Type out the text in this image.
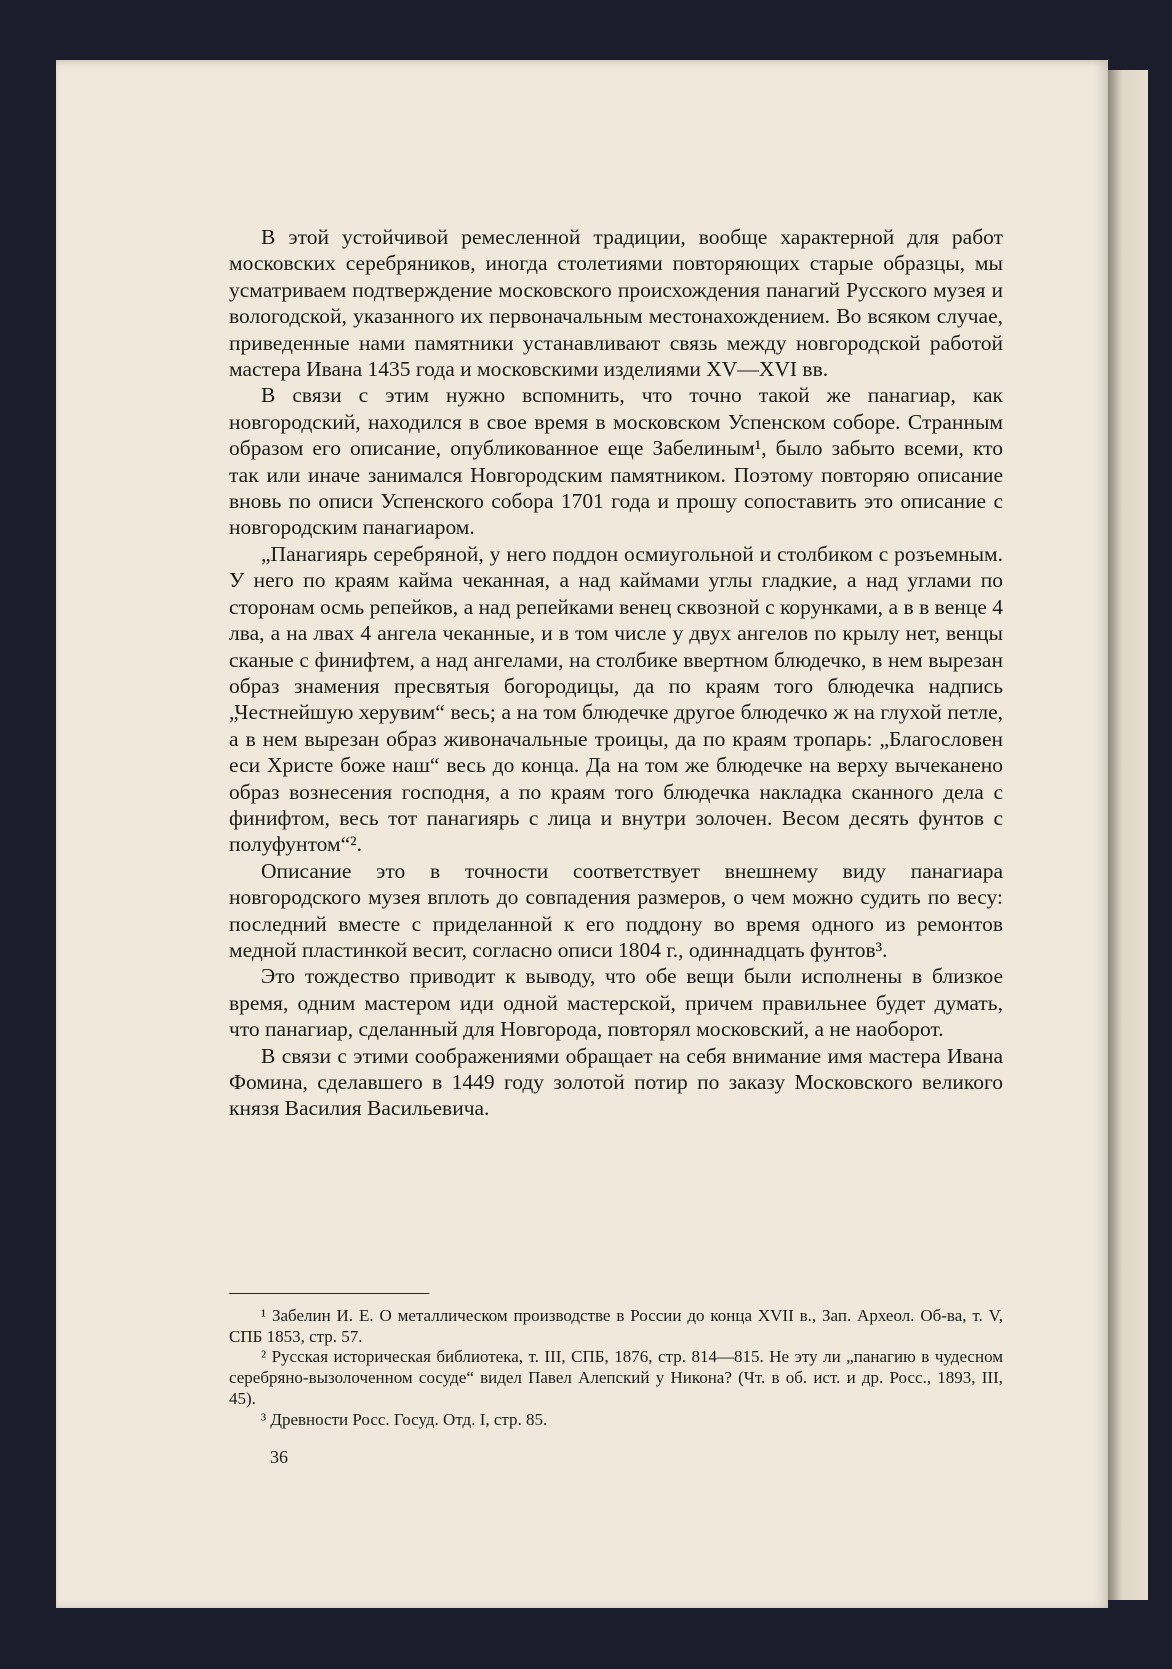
В этой устойчивой ремесленной традиции, вообще характерной для работ московских серебряников, иногда столетиями повторяющих старые образцы, мы усматриваем подтверждение московского происхождения панагий Русского музея и вологодской, указанного их первоначальным местонахождением. Во всяком случае, приведенные нами памятники устанавливают связь между новгородской работой мастера Ивана 1435 года и московскими изделиями XV—XVI вв.

В связи с этим нужно вспомнить, что точно такой же панагиар, как новгородский, находился в свое время в московском Успенском соборе. Странным образом его описание, опубликованное еще Забелиным¹, было забыто всеми, кто так или иначе занимался Новгородским памятником. Поэтому повторяю описание вновь по описи Успенского собора 1701 года и прошу сопоставить это описание с новгородским панагиаром.

„Панагиярь серебряной, у него поддон осмиугольной и столбиком с розъемным. У него по краям кайма чеканная, а над каймами углы гладкие, а над углами по сторонам осмь репейков, а над репейками венец сквозной с корунками, а в в венце 4 лва, а на лвах 4 ангела чеканные, и в том числе у двух ангелов по крылу нет, венцы сканые с финифтем, а над ангелами, на столбике ввертном блюдечко, в нем вырезан образ знамения пресвятыя богородицы, да по краям того блюдечка надпись „Честнейшую херувим“ весь; а на том блюдечке другое блюдечко ж на глухой петле, а в нем вырезан образ живоначальные троицы, да по краям тропарь: „Благословен еси Христе боже наш“ весь до конца. Да на том же блюдечке на верху вычеканено образ вознесения господня, а по краям того блюдечка накладка сканного дела с финифтом, весь тот панагиярь с лица и внутри золочен. Весом десять фунтов с полуфунтом“².

Описание это в точности соответствует внешнему виду панагиара новгородского музея вплоть до совпадения размеров, о чем можно судить по весу: последний вместе с приделанной к его поддону во время одного из ремонтов медной пластинкой весит, согласно описи 1804 г., одиннадцать фунтов³.

Это тождество приводит к выводу, что обе вещи были исполнены в близкое время, одним мастером иди одной мастерской, причем правильнее будет думать, что панагиар, сделанный для Новгорода, повторял московский, а не наоборот.

В связи с этими соображениями обращает на себя внимание имя мастера Ивана Фомина, сделавшего в 1449 году золотой потир по заказу Московского великого князя Василия Васильевича.

¹ Забелин И. Е. О металлическом производстве в России до конца XVII в., Зап. Археол. Об-ва, т. V, СПБ 1853, стр. 57.

² Русская историческая библиотека, т. III, СПБ, 1876, стр. 814—815. Не эту ли „панагию в чудесном серебряно-вызолоченном сосуде“ видел Павел Алепский у Никона? (Чт. в об. ист. и др. Росс., 1893, III, 45).

³ Древности Росс. Госуд. Отд. I, стр. 85.

36
